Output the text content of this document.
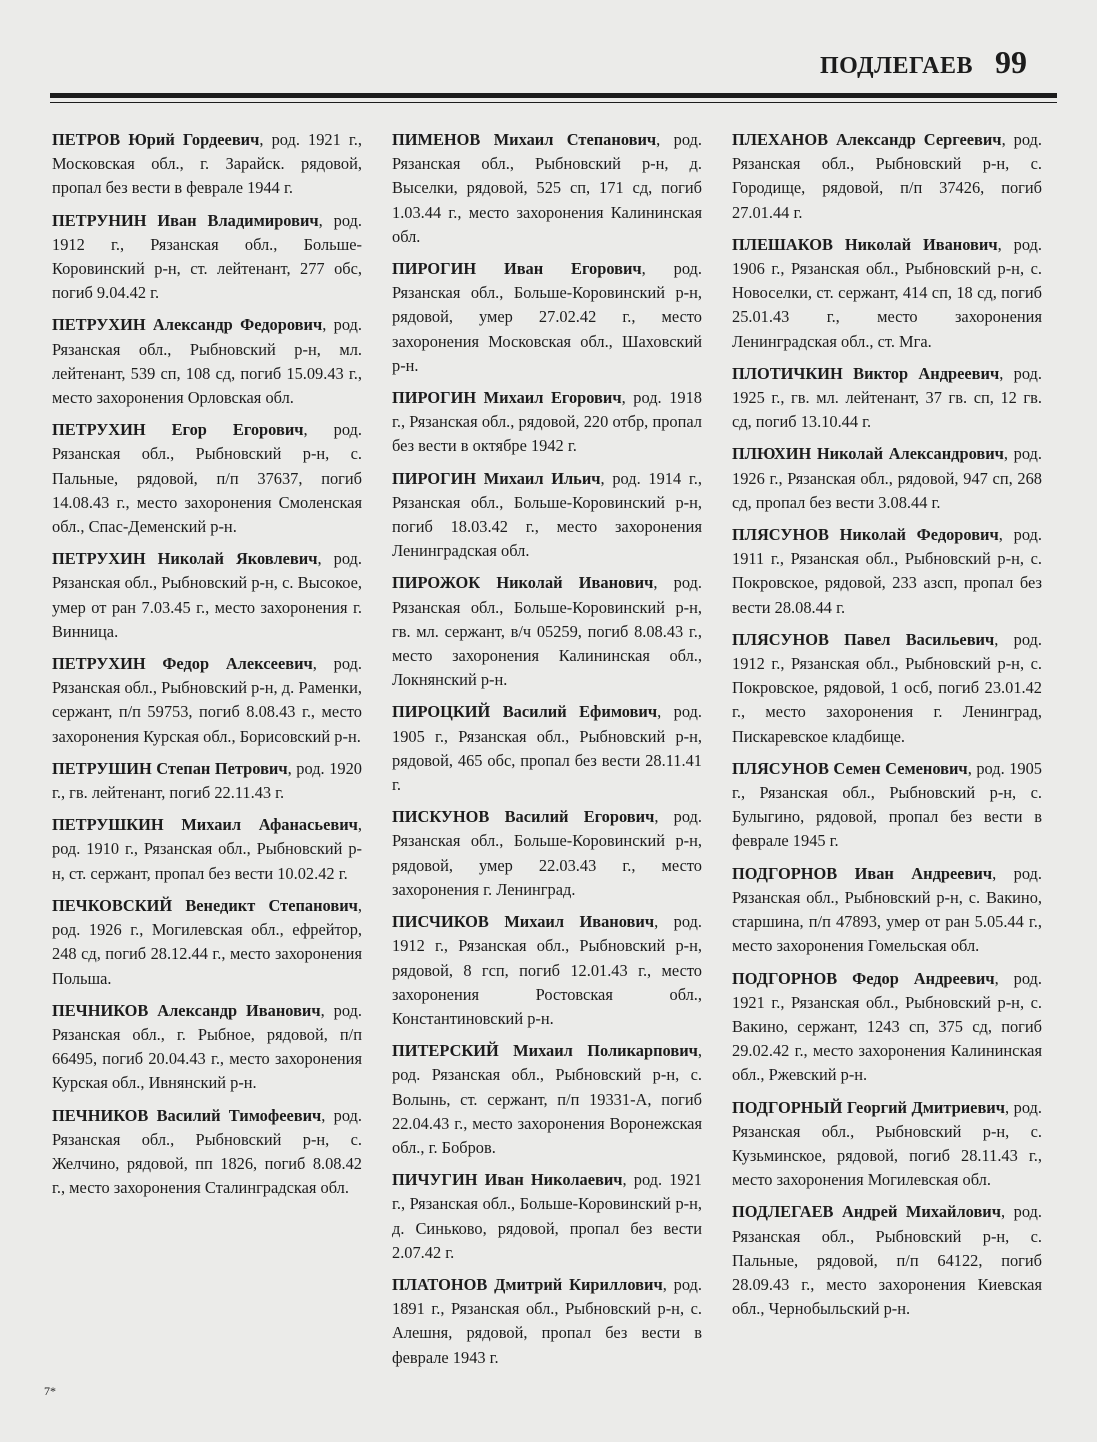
ПОДЛЕГАЕВ 99

ПЕТРОВ Юрий Гордеевич, род. 1921 г., Московская обл., г. Зарайск. рядовой, пропал без вести в феврале 1944 г.

ПЕТРУНИН Иван Владимирович, род. 1912 г., Рязанская обл., Больше-Коровинский р-н, ст. лейтенант, 277 обс, погиб 9.04.42 г.

ПЕТРУХИН Александр Федорович, род. Рязанская обл., Рыбновский р-н, мл. лейтенант, 539 сп, 108 сд, погиб 15.09.43 г., место захоронения Орловская обл.

ПЕТРУХИН Егор Егорович, род. Рязанская обл., Рыбновский р-н, с. Пальные, рядовой, п/п 37637, погиб 14.08.43 г., место захоронения Смоленская обл., Спас-Деменский р-н.

ПЕТРУХИН Николай Яковлевич, род. Рязанская обл., Рыбновский р-н, с. Высокое, умер от ран 7.03.45 г., место захоронения г. Винница.

ПЕТРУХИН Федор Алексеевич, род. Рязанская обл., Рыбновский р-н, д. Раменки, сержант, п/п 59753, погиб 8.08.43 г., место захоронения Курская обл., Борисовский р-н.

ПЕТРУШИН Степан Петрович, род. 1920 г., гв. лейтенант, погиб 22.11.43 г.

ПЕТРУШКИН Михаил Афанасьевич, род. 1910 г., Рязанская обл., Рыбновский р-н, ст. сержант, пропал без вести 10.02.42 г.

ПЕЧКОВСКИЙ Венедикт Степанович, род. 1926 г., Могилевская обл., ефрейтор, 248 сд, погиб 28.12.44 г., место захоронения Польша.

ПЕЧНИКОВ Александр Иванович, род. Рязанская обл., г. Рыбное, рядовой, п/п 66495, погиб 20.04.43 г., место захоронения Курская обл., Ивнянский р-н.

ПЕЧНИКОВ Василий Тимофеевич, род. Рязанская обл., Рыбновский р-н, с. Желчино, рядовой, пп 1826, погиб 8.08.42 г., место захоронения Сталинградская обл.

ПИМЕНОВ Михаил Степанович, род. Рязанская обл., Рыбновский р-н, д. Выселки, рядовой, 525 сп, 171 сд, погиб 1.03.44 г., место захоронения Калининская обл.

ПИРОГИН Иван Егорович, род. Рязанская обл., Больше-Коровинский р-н, рядовой, умер 27.02.42 г., место захоронения Московская обл., Шаховский р-н.

ПИРОГИН Михаил Егорович, род. 1918 г., Рязанская обл., рядовой, 220 отбр, пропал без вести в октябре 1942 г.

ПИРОГИН Михаил Ильич, род. 1914 г., Рязанская обл., Больше-Коровинский р-н, погиб 18.03.42 г., место захоронения Ленинградская обл.

ПИРОЖОК Николай Иванович, род. Рязанская обл., Больше-Коровинский р-н, гв. мл. сержант, в/ч 05259, погиб 8.08.43 г., место захоронения Калининская обл., Локнянский р-н.

ПИРОЦКИЙ Василий Ефимович, род. 1905 г., Рязанская обл., Рыбновский р-н, рядовой, 465 обс, пропал без вести 28.11.41 г.

ПИСКУНОВ Василий Егорович, род. Рязанская обл., Больше-Коровинский р-н, рядовой, умер 22.03.43 г., место захоронения г. Ленинград.

ПИСЧИКОВ Михаил Иванович, род. 1912 г., Рязанская обл., Рыбновский р-н, рядовой, 8 гсп, погиб 12.01.43 г., место захоронения Ростовская обл., Константиновский р-н.

ПИТЕРСКИЙ Михаил Поликарпович, род. Рязанская обл., Рыбновский р-н, с. Волынь, ст. сержант, п/п 19331-А, погиб 22.04.43 г., место захоронения Воронежская обл., г. Бобров.

ПИЧУГИН Иван Николаевич, род. 1921 г., Рязанская обл., Больше-Коровинский р-н, д. Синьково, рядовой, пропал без вести 2.07.42 г.

ПЛАТОНОВ Дмитрий Кириллович, род. 1891 г., Рязанская обл., Рыбновский р-н, с. Алешня, рядовой, пропал без вести в феврале 1943 г.

ПЛЕХАНОВ Александр Сергеевич, род. Рязанская обл., Рыбновский р-н, с. Городище, рядовой, п/п 37426, погиб 27.01.44 г.

ПЛЕШАКОВ Николай Иванович, род. 1906 г., Рязанская обл., Рыбновский р-н, с. Новоселки, ст. сержант, 414 сп, 18 сд, погиб 25.01.43 г., место захоронения Ленинградская обл., ст. Мга.

ПЛОТИЧКИН Виктор Андреевич, род. 1925 г., гв. мл. лейтенант, 37 гв. сп, 12 гв. сд, погиб 13.10.44 г.

ПЛЮХИН Николай Александрович, род. 1926 г., Рязанская обл., рядовой, 947 сп, 268 сд, пропал без вести 3.08.44 г.

ПЛЯСУНОВ Николай Федорович, род. 1911 г., Рязанская обл., Рыбновский р-н, с. Покровское, рядовой, 233 азсп, пропал без вести 28.08.44 г.

ПЛЯСУНОВ Павел Васильевич, род. 1912 г., Рязанская обл., Рыбновский р-н, с. Покровское, рядовой, 1 осб, погиб 23.01.42 г., место захоронения г. Ленинград, Пискаревское кладбище.

ПЛЯСУНОВ Семен Семенович, род. 1905 г., Рязанская обл., Рыбновский р-н, с. Булыгино, рядовой, пропал без вести в феврале 1945 г.

ПОДГОРНОВ Иван Андреевич, род. Рязанская обл., Рыбновский р-н, с. Вакино, старшина, п/п 47893, умер от ран 5.05.44 г., место захоронения Гомельская обл.

ПОДГОРНОВ Федор Андреевич, род. 1921 г., Рязанская обл., Рыбновский р-н, с. Вакино, сержант, 1243 сп, 375 сд, погиб 29.02.42 г., место захоронения Калининская обл., Ржевский р-н.

ПОДГОРНЫЙ Георгий Дмитриевич, род. Рязанская обл., Рыбновский р-н, с. Кузьминское, рядовой, погиб 28.11.43 г., место захоронения Могилевская обл.

ПОДЛЕГАЕВ Андрей Михайлович, род. Рязанская обл., Рыбновский р-н, с. Пальные, рядовой, п/п 64122, погиб 28.09.43 г., место захоронения Киевская обл., Чернобыльский р-н.

7*
